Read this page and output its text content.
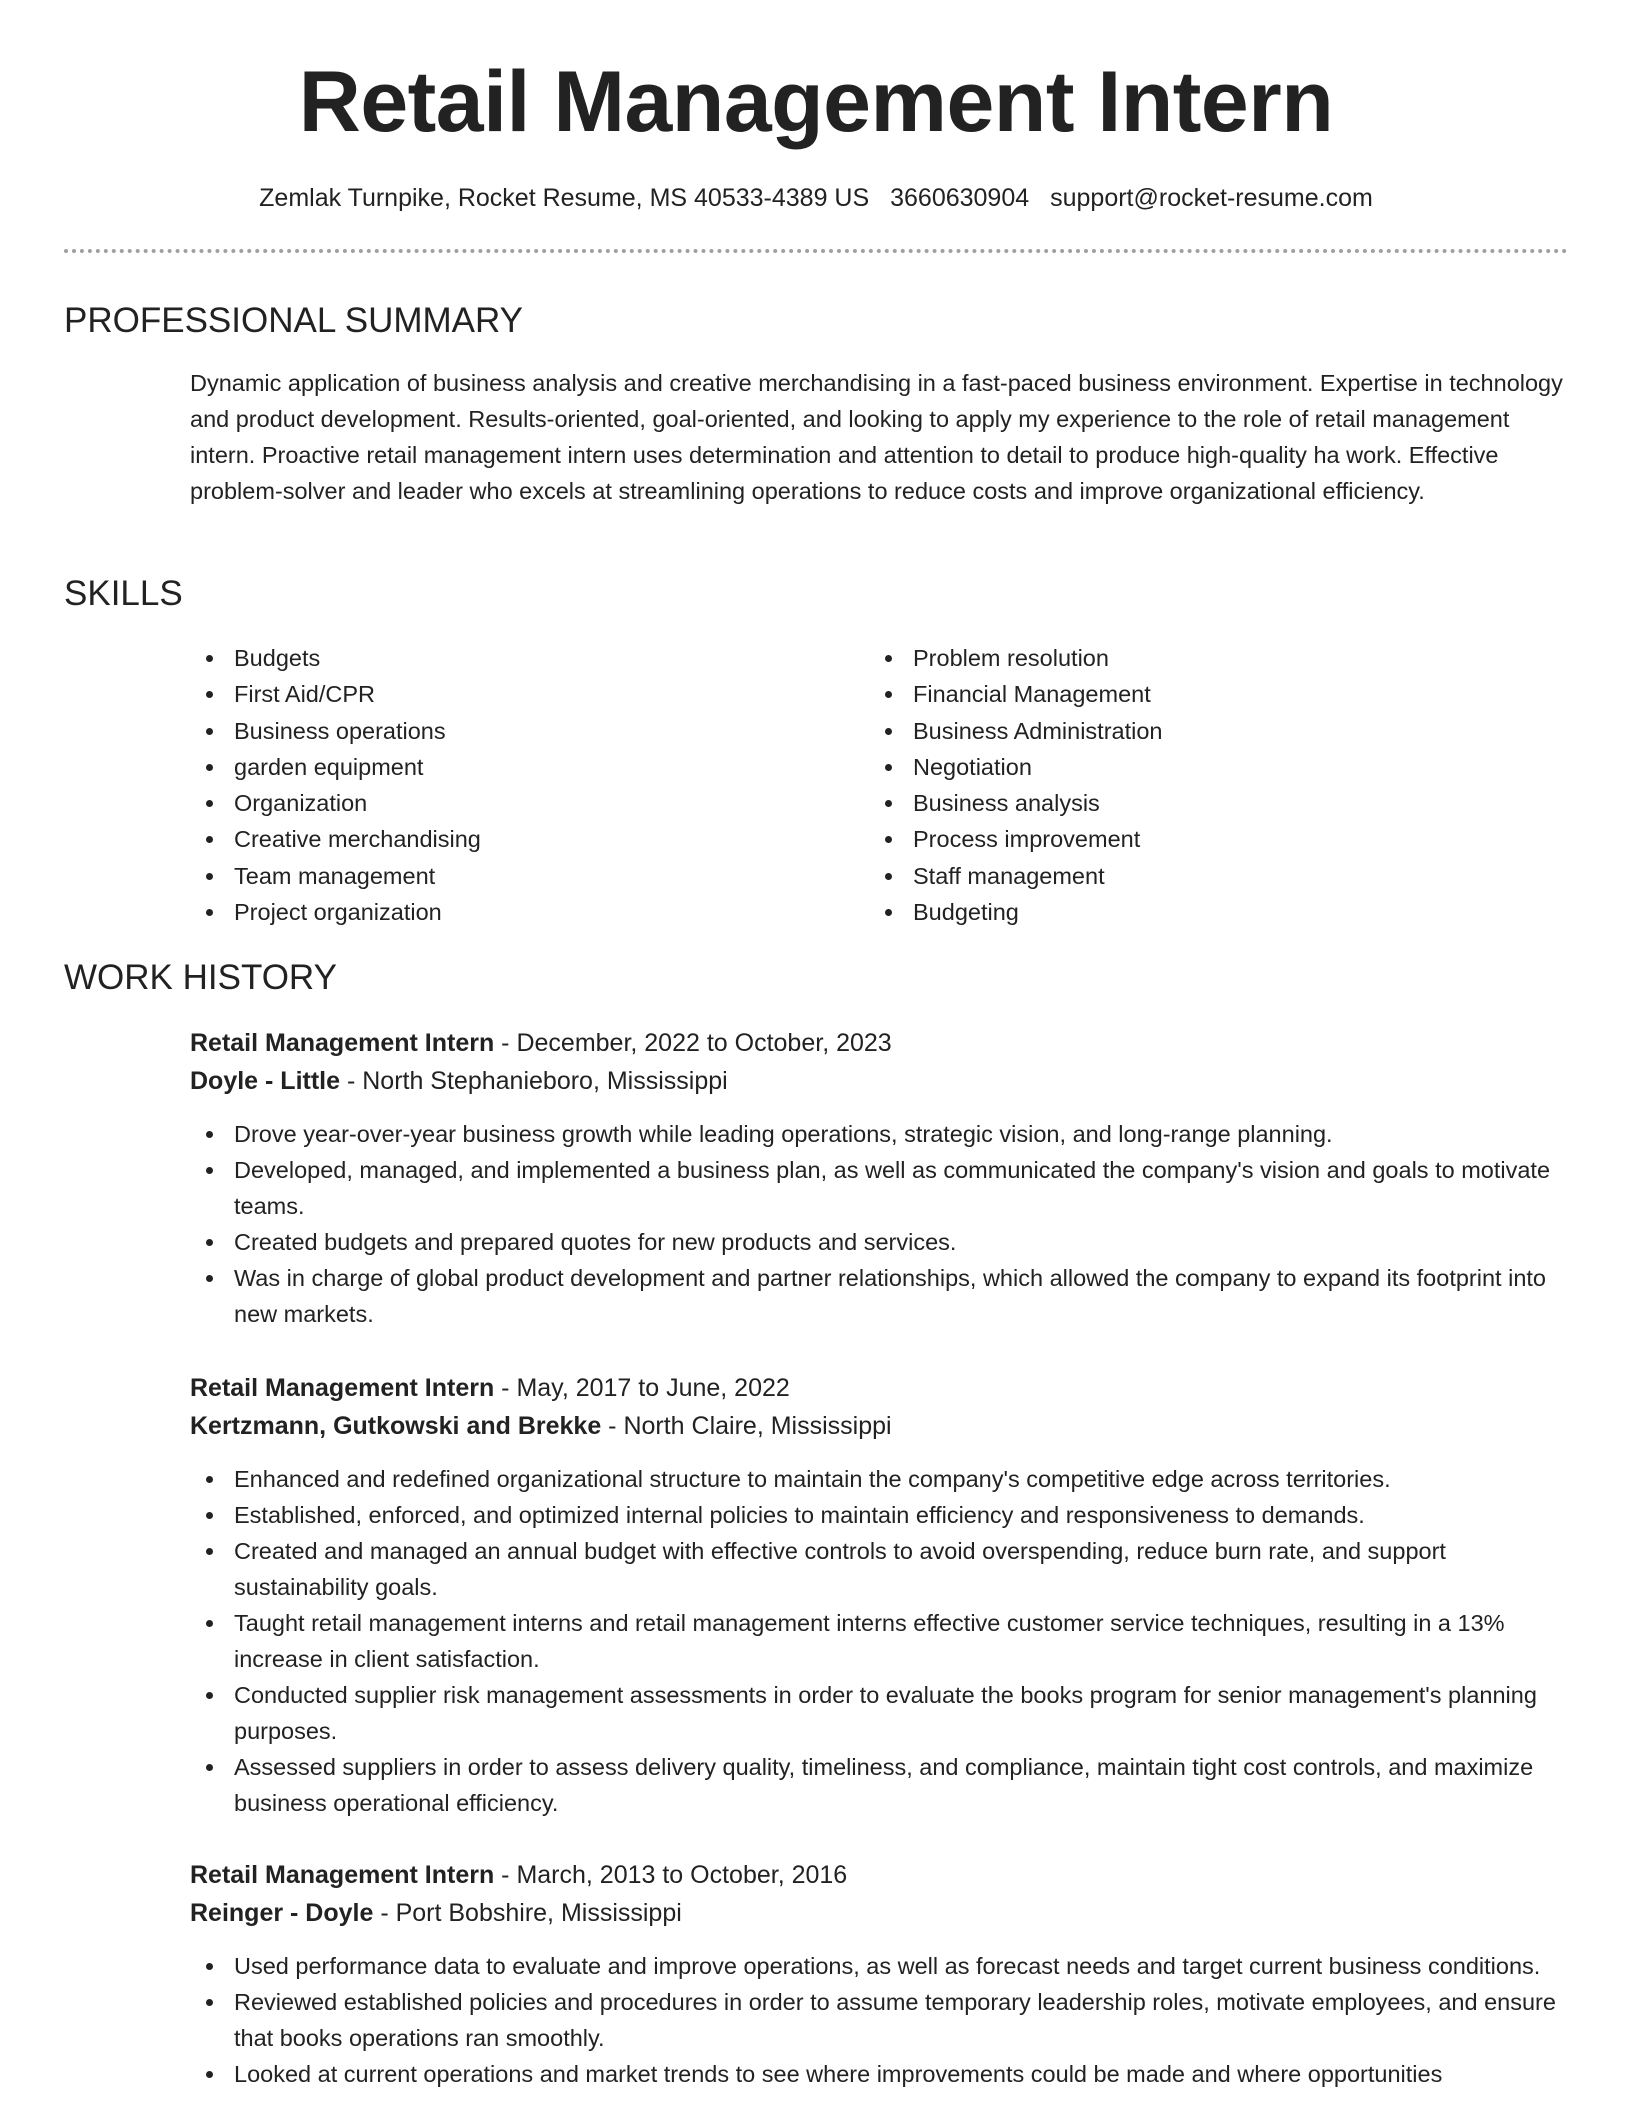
Retail Management Intern
Zemlak Turnpike, Rocket Resume, MS 40533-4389 US 3660630904 support@rocket-resume.com
PROFESSIONAL SUMMARY
Dynamic application of business analysis and creative merchandising in a fast-paced business environment. Expertise in technology and product development. Results-oriented, goal-oriented, and looking to apply my experience to the role of retail management intern. Proactive retail management intern uses determination and attention to detail to produce high-quality ha work. Effective problem-solver and leader who excels at streamlining operations to reduce costs and improve organizational efficiency.
SKILLS
Budgets
First Aid/CPR
Business operations
garden equipment
Organization
Creative merchandising
Team management
Project organization
Problem resolution
Financial Management
Business Administration
Negotiation
Business analysis
Process improvement
Staff management
Budgeting
WORK HISTORY
Retail Management Intern - December, 2022 to October, 2023
Doyle - Little - North Stephanieboro, Mississippi
Drove year-over-year business growth while leading operations, strategic vision, and long-range planning.
Developed, managed, and implemented a business plan, as well as communicated the company's vision and goals to motivate teams.
Created budgets and prepared quotes for new products and services.
Was in charge of global product development and partner relationships, which allowed the company to expand its footprint into new markets.
Retail Management Intern - May, 2017 to June, 2022
Kertzmann, Gutkowski and Brekke - North Claire, Mississippi
Enhanced and redefined organizational structure to maintain the company's competitive edge across territories.
Established, enforced, and optimized internal policies to maintain efficiency and responsiveness to demands.
Created and managed an annual budget with effective controls to avoid overspending, reduce burn rate, and support sustainability goals.
Taught retail management interns and retail management interns effective customer service techniques, resulting in a 13% increase in client satisfaction.
Conducted supplier risk management assessments in order to evaluate the books program for senior management's planning purposes.
Assessed suppliers in order to assess delivery quality, timeliness, and compliance, maintain tight cost controls, and maximize business operational efficiency.
Retail Management Intern - March, 2013 to October, 2016
Reinger - Doyle - Port Bobshire, Mississippi
Used performance data to evaluate and improve operations, as well as forecast needs and target current business conditions.
Reviewed established policies and procedures in order to assume temporary leadership roles, motivate employees, and ensure that books operations ran smoothly.
Looked at current operations and market trends to see where improvements could be made and where opportunities
